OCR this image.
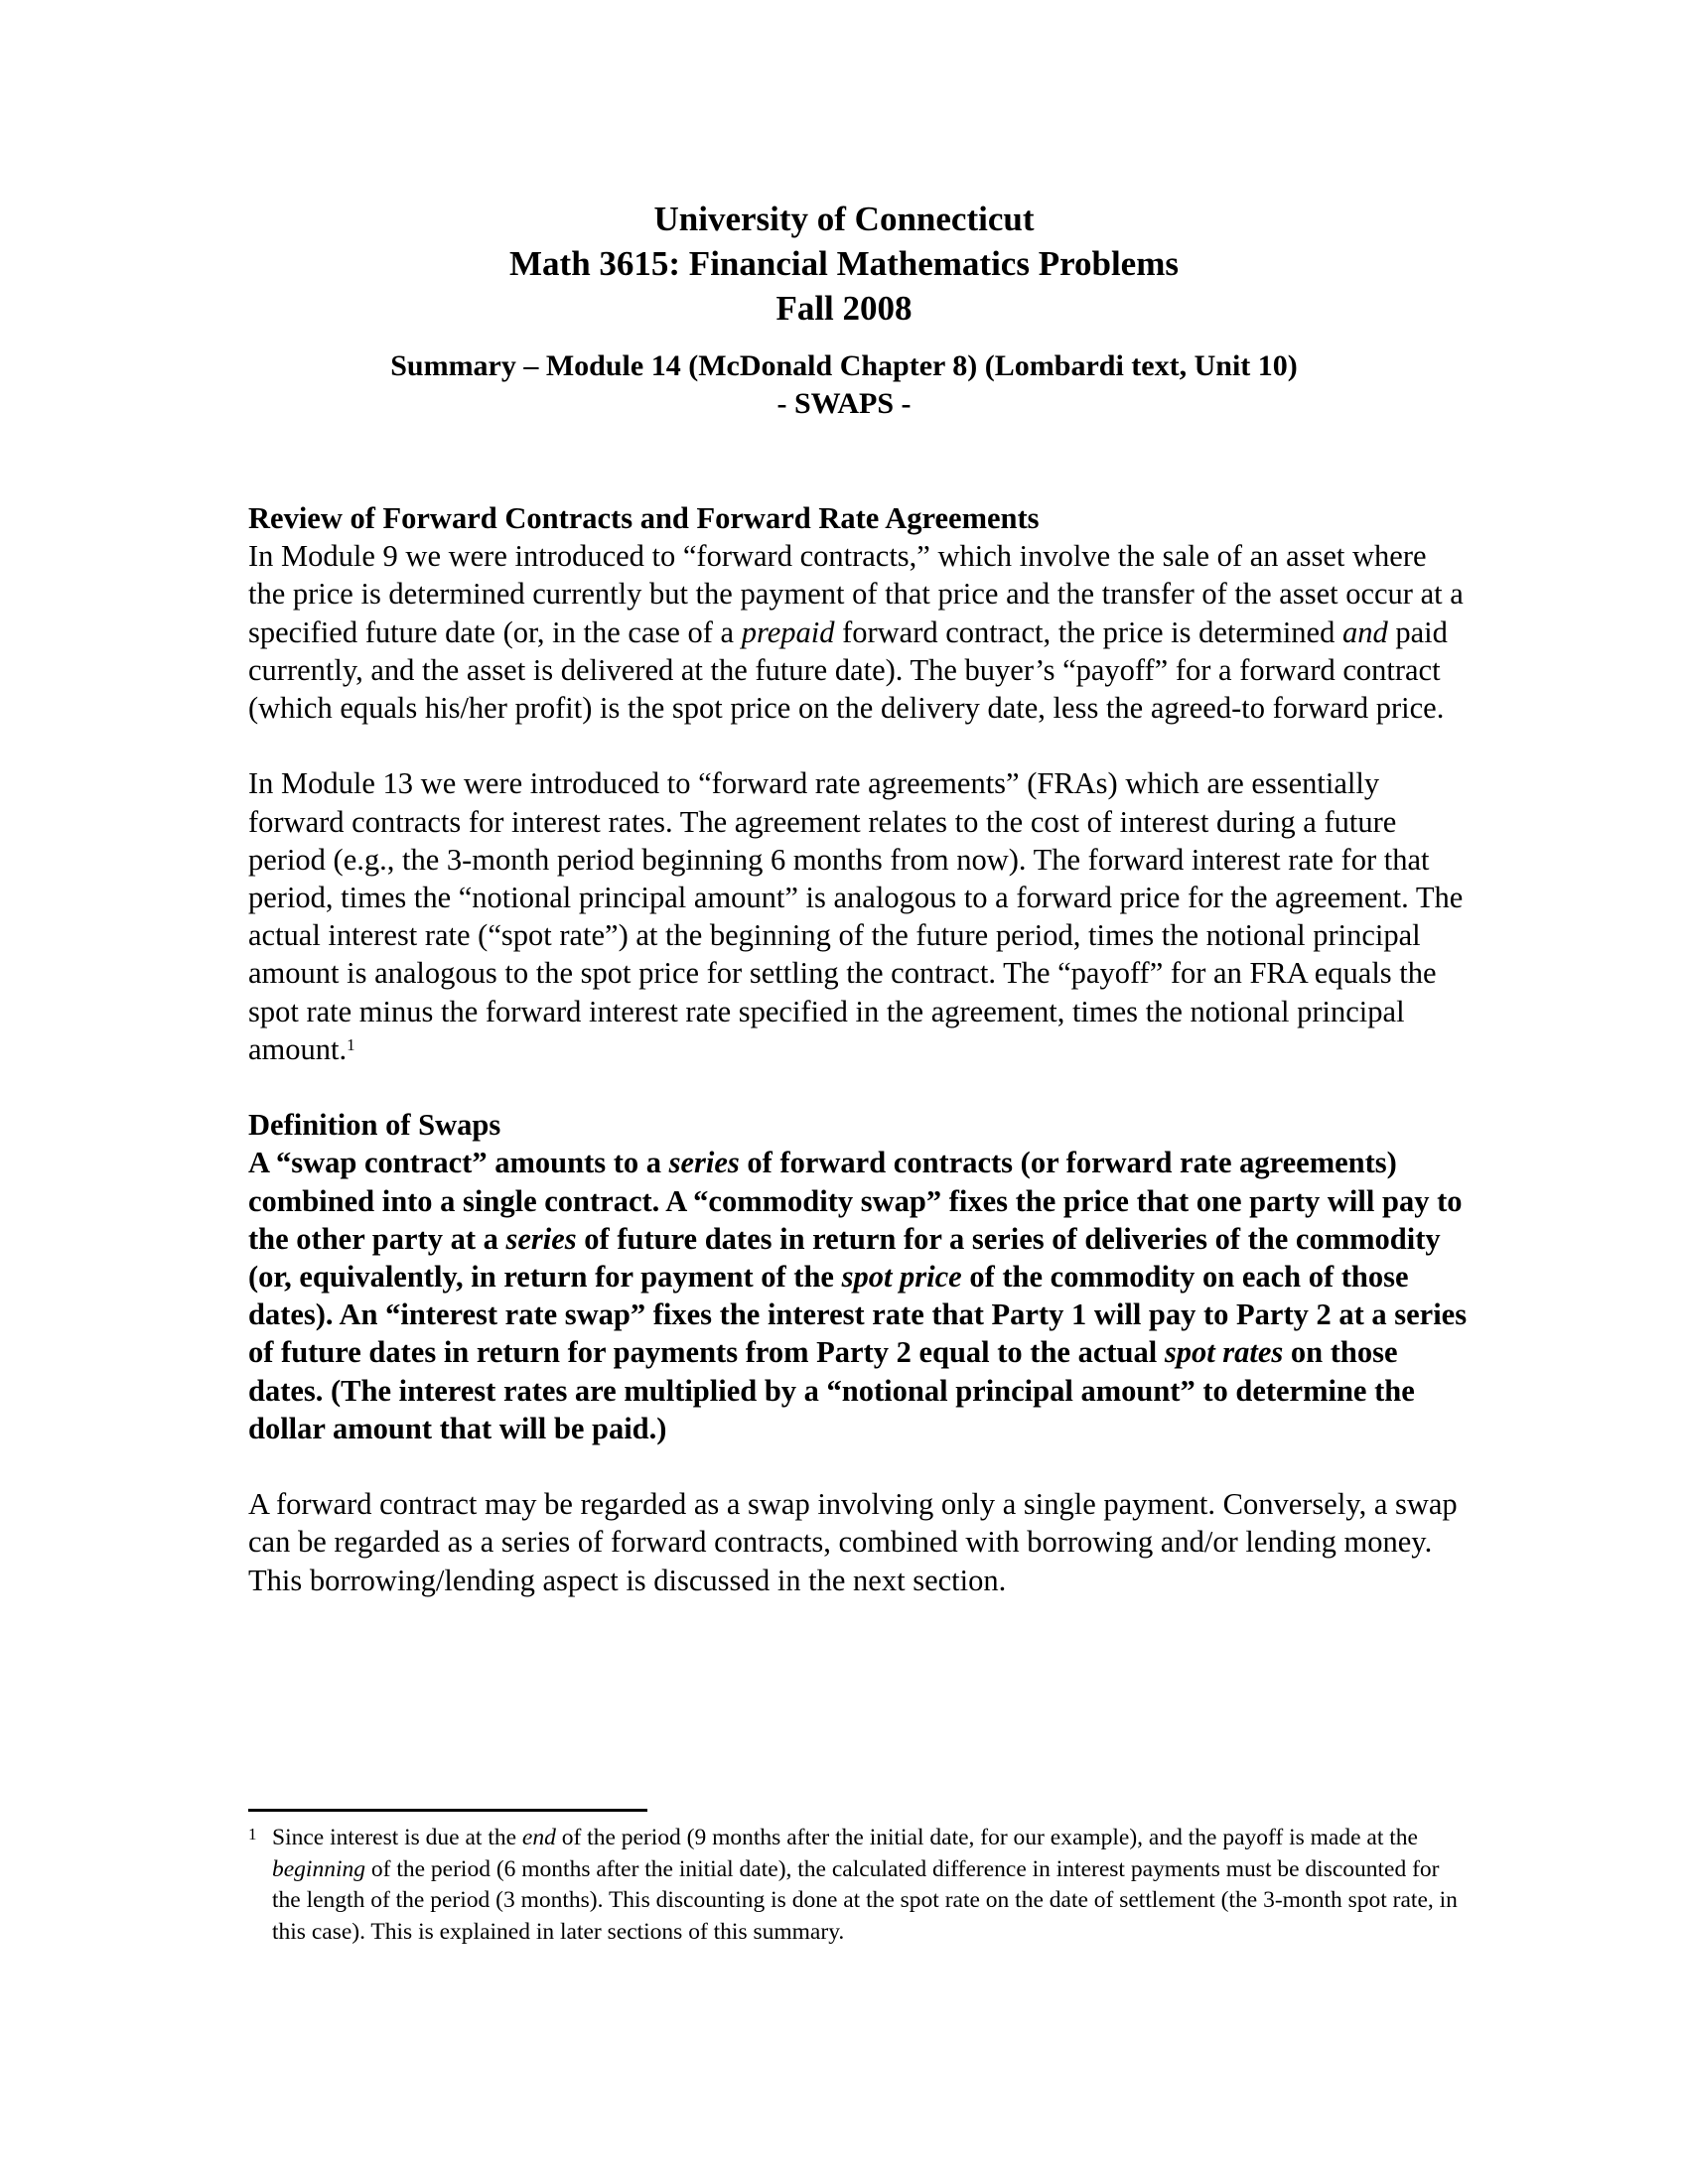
University of Connecticut
Math 3615: Financial Mathematics Problems
Fall 2008
Summary – Module 14 (McDonald Chapter 8) (Lombardi text, Unit 10)
- SWAPS -
Review of Forward Contracts and Forward Rate Agreements

In Module 9 we were introduced to “forward contracts,” which involve the sale of an asset where the price is determined currently but the payment of that price and the transfer of the asset occur at a specified future date (or, in the case of a prepaid forward contract, the price is determined and paid currently, and the asset is delivered at the future date). The buyer’s “payoff” for a forward contract (which equals his/her profit) is the spot price on the delivery date, less the agreed-to forward price.

In Module 13 we were introduced to “forward rate agreements” (FRAs) which are essentially forward contracts for interest rates. The agreement relates to the cost of interest during a future period (e.g., the 3-month period beginning 6 months from now). The forward interest rate for that period, times the “notional principal amount” is analogous to a forward price for the agreement. The actual interest rate (“spot rate”) at the beginning of the future period, times the notional principal amount is analogous to the spot price for settling the contract. The “payoff” for an FRA equals the spot rate minus the forward interest rate specified in the agreement, times the notional principal amount.$^1$

Definition of Swaps

A “swap contract” amounts to a series of forward contracts (or forward rate agreements) combined into a single contract. A “commodity swap” fixes the price that one party will pay to the other party at a series of future dates in return for a series of deliveries of the commodity (or, equivalently, in return for payment of the spot price of the commodity on each of those dates). An “interest rate swap” fixes the interest rate that Party 1 will pay to Party 2 at a series of future dates in return for payments from Party 2 equal to the actual spot rates on those dates. (The interest rates are multiplied by a “notional principal amount” to determine the dollar amount that will be paid.)

A forward contract may be regarded as a swap involving only a single payment. Conversely, a swap can be regarded as a series of forward contracts, combined with borrowing and/or lending money. This borrowing/lending aspect is discussed in the next section.

1 Since interest is due at the end of the period (9 months after the initial date, for our example), and the payoff is made at the beginning of the period (6 months after the initial date), the calculated difference in interest payments must be discounted for the length of the period (3 months). This discounting is done at the spot rate on the date of settlement (the 3-month spot rate, in this case). This is explained in later sections of this summary.
